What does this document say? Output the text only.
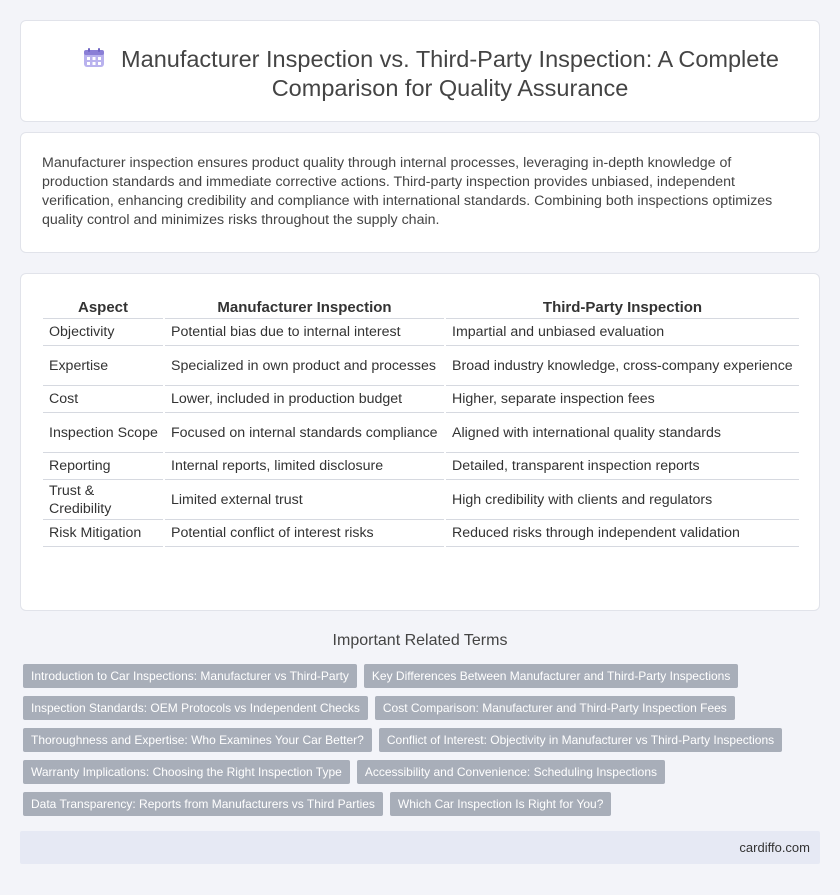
Manufacturer Inspection vs. Third-Party Inspection: A Complete Comparison for Quality Assurance

Manufacturer inspection ensures product quality through internal processes, leveraging in-depth knowledge of production standards and immediate corrective actions. Third-party inspection provides unbiased, independent verification, enhancing credibility and compliance with international standards. Combining both inspections optimizes quality control and minimizes risks throughout the supply chain.

Aspect	Manufacturer Inspection	Third-Party Inspection
Objectivity	Potential bias due to internal interest	Impartial and unbiased evaluation
Expertise	Specialized in own product and processes	Broad industry knowledge, cross-company experience
Cost	Lower, included in production budget	Higher, separate inspection fees
Inspection Scope	Focused on internal standards compliance	Aligned with international quality standards
Reporting	Internal reports, limited disclosure	Detailed, transparent inspection reports
Trust & Credibility	Limited external trust	High credibility with clients and regulators
Risk Mitigation	Potential conflict of interest risks	Reduced risks through independent validation
Important Related Terms
Introduction to Car Inspections: Manufacturer vs Third-Party	Key Differences Between Manufacturer and Third-Party Inspections
Inspection Standards: OEM Protocols vs Independent Checks	Cost Comparison: Manufacturer and Third-Party Inspection Fees
Thoroughness and Expertise: Who Examines Your Car Better?	Conflict of Interest: Objectivity in Manufacturer vs Third-Party Inspections
Warranty Implications: Choosing the Right Inspection Type	Accessibility and Convenience: Scheduling Inspections
Data Transparency: Reports from Manufacturers vs Third Parties	Which Car Inspection Is Right for You?
cardiffo.com
